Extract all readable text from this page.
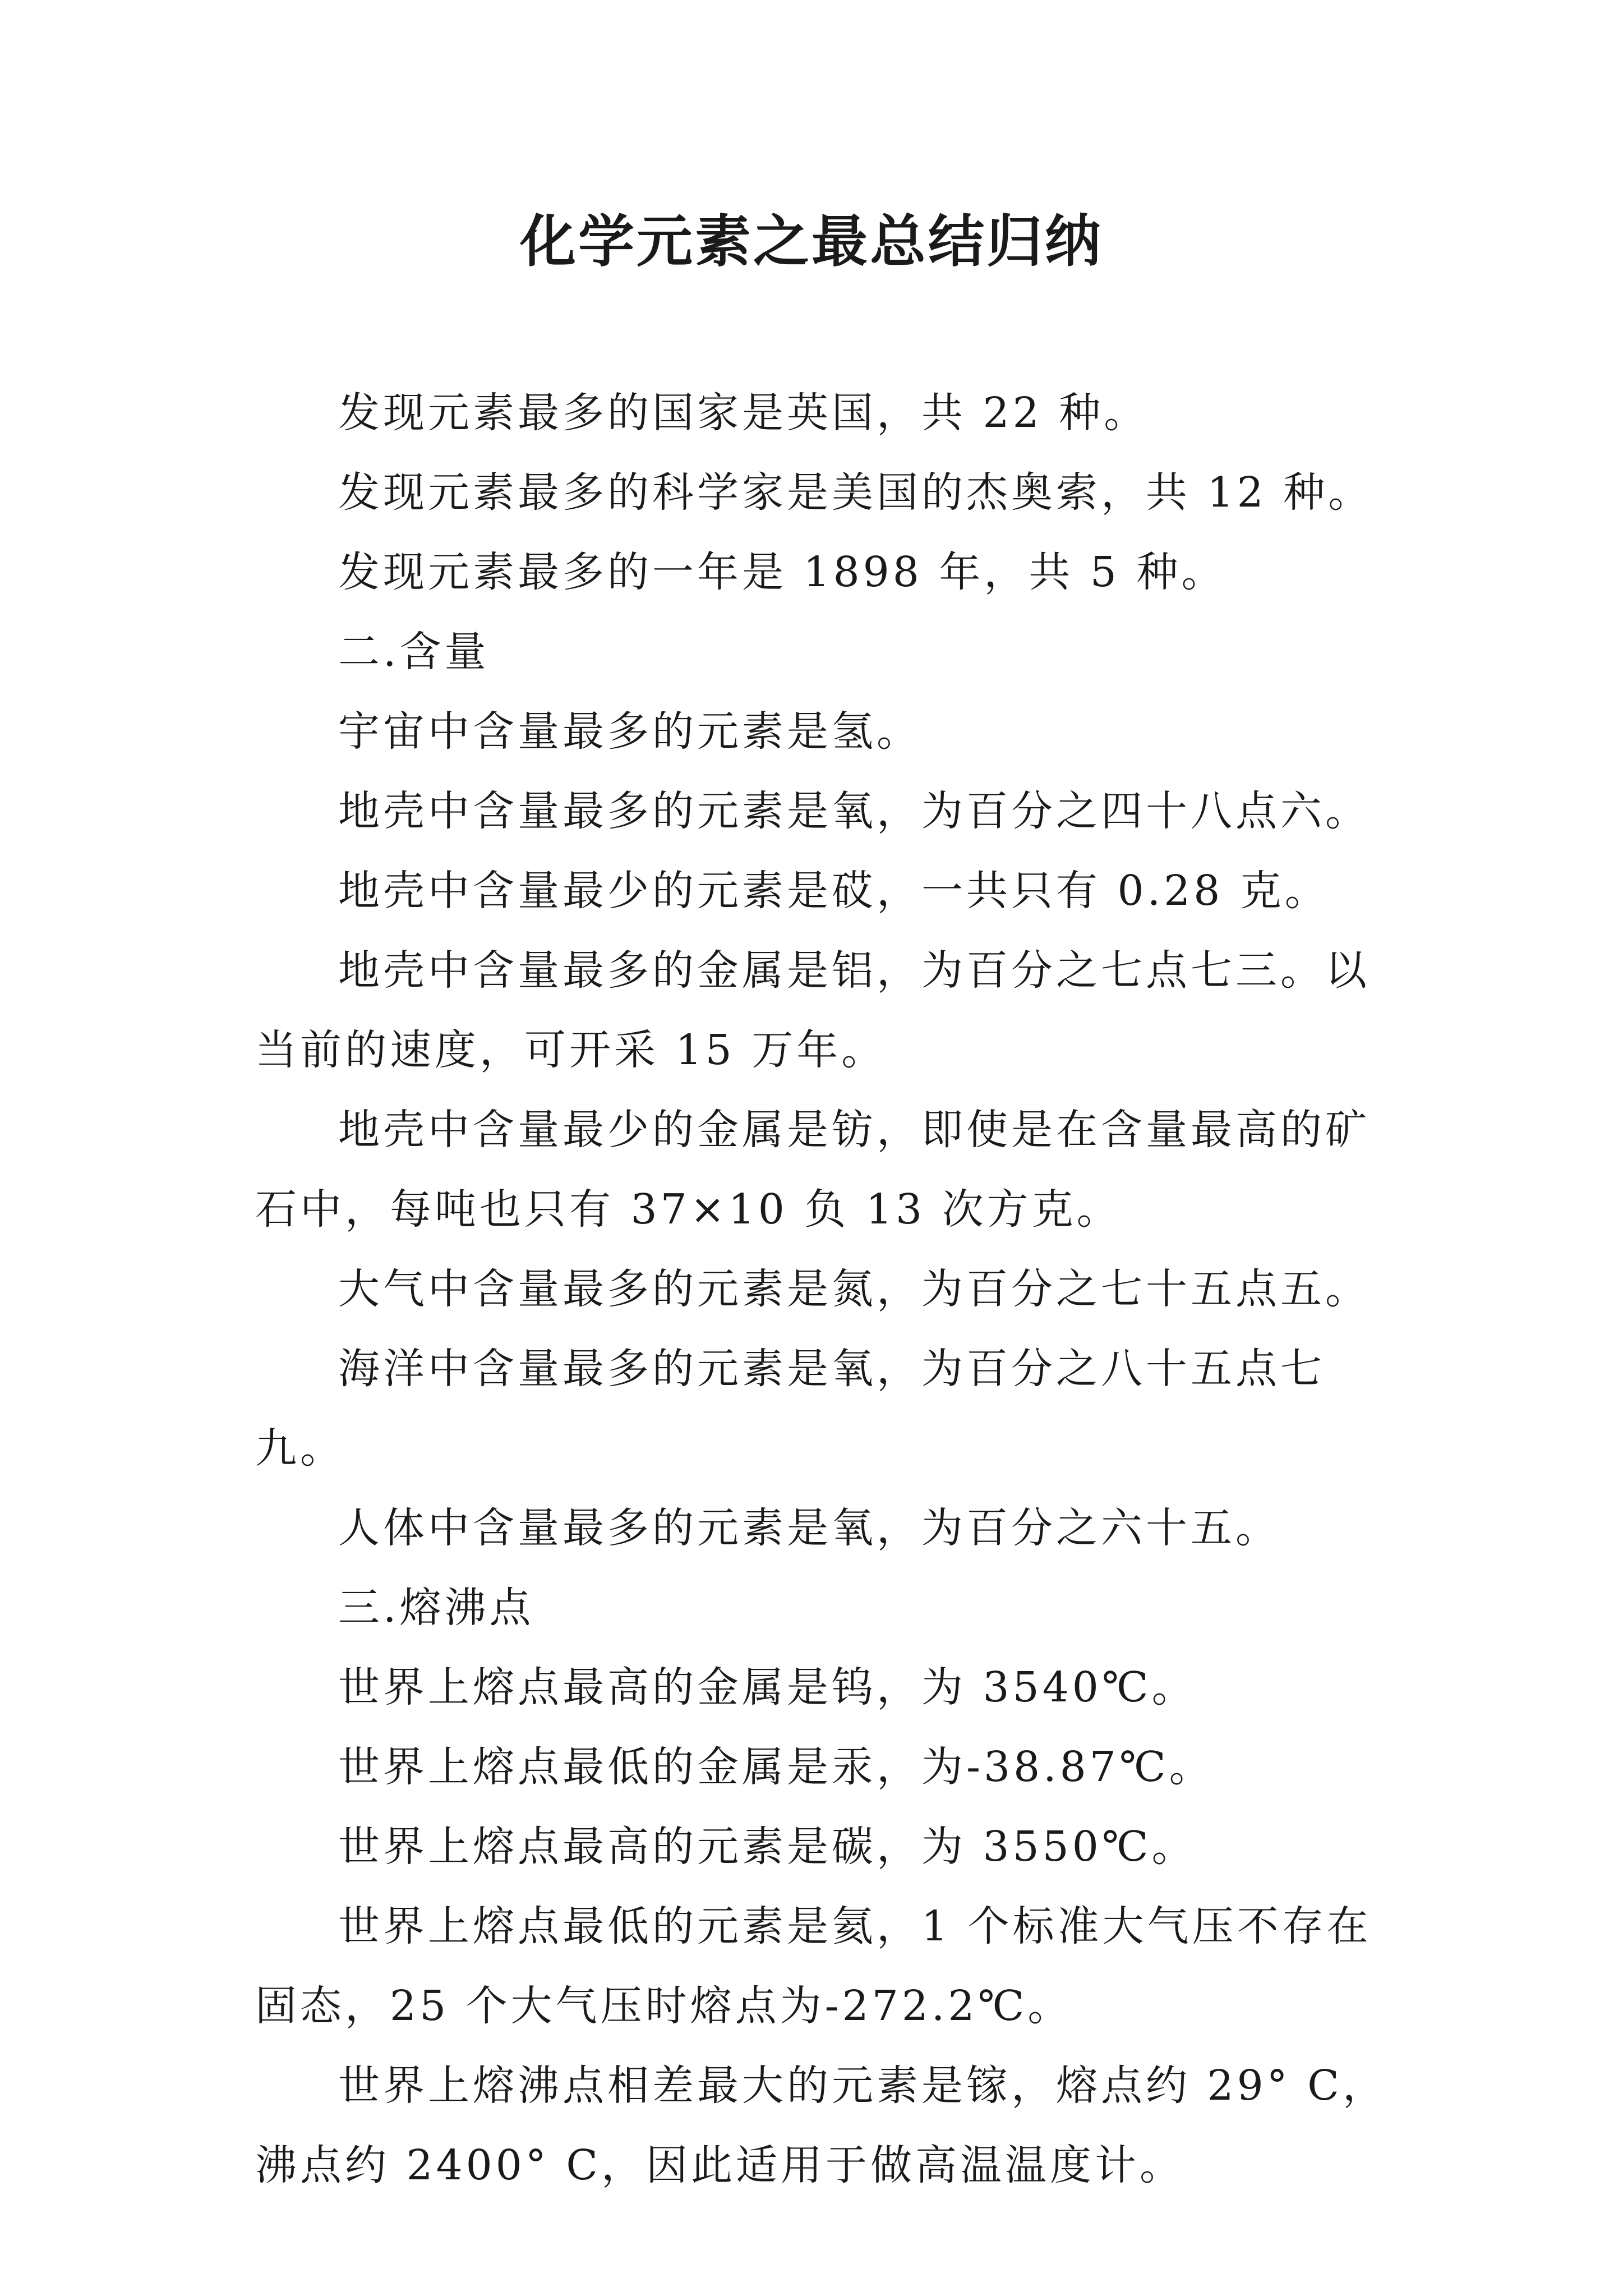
化学元素之最总结归纳

发现元素最多的国家是英国，共 22 种。

发现元素最多的科学家是美国的杰奥索，共 12 种。

发现元素最多的一年是 1898 年，共 5 种。

二.含量

宇宙中含量最多的元素是氢。

地壳中含量最多的元素是氧，为百分之四十八点六。

地壳中含量最少的元素是砹，一共只有 0.28 克。

地壳中含量最多的金属是铝，为百分之七点七三。以当前的速度，可开采 15 万年。

地壳中含量最少的金属是钫，即使是在含量最高的矿石中，每吨也只有 37×10 负 13 次方克。

大气中含量最多的元素是氮，为百分之七十五点五。

海洋中含量最多的元素是氧，为百分之八十五点七九。

人体中含量最多的元素是氧，为百分之六十五。

三.熔沸点

世界上熔点最高的金属是钨，为 3540℃。

世界上熔点最低的金属是汞，为-38.87℃。

世界上熔点最高的元素是碳，为 3550℃。

世界上熔点最低的元素是氦，1 个标准大气压不存在固态，25 个大气压时熔点为-272.2℃。

世界上熔沸点相差最大的元素是镓，熔点约 29° C，沸点约 2400° C，因此适用于做高温温度计。
